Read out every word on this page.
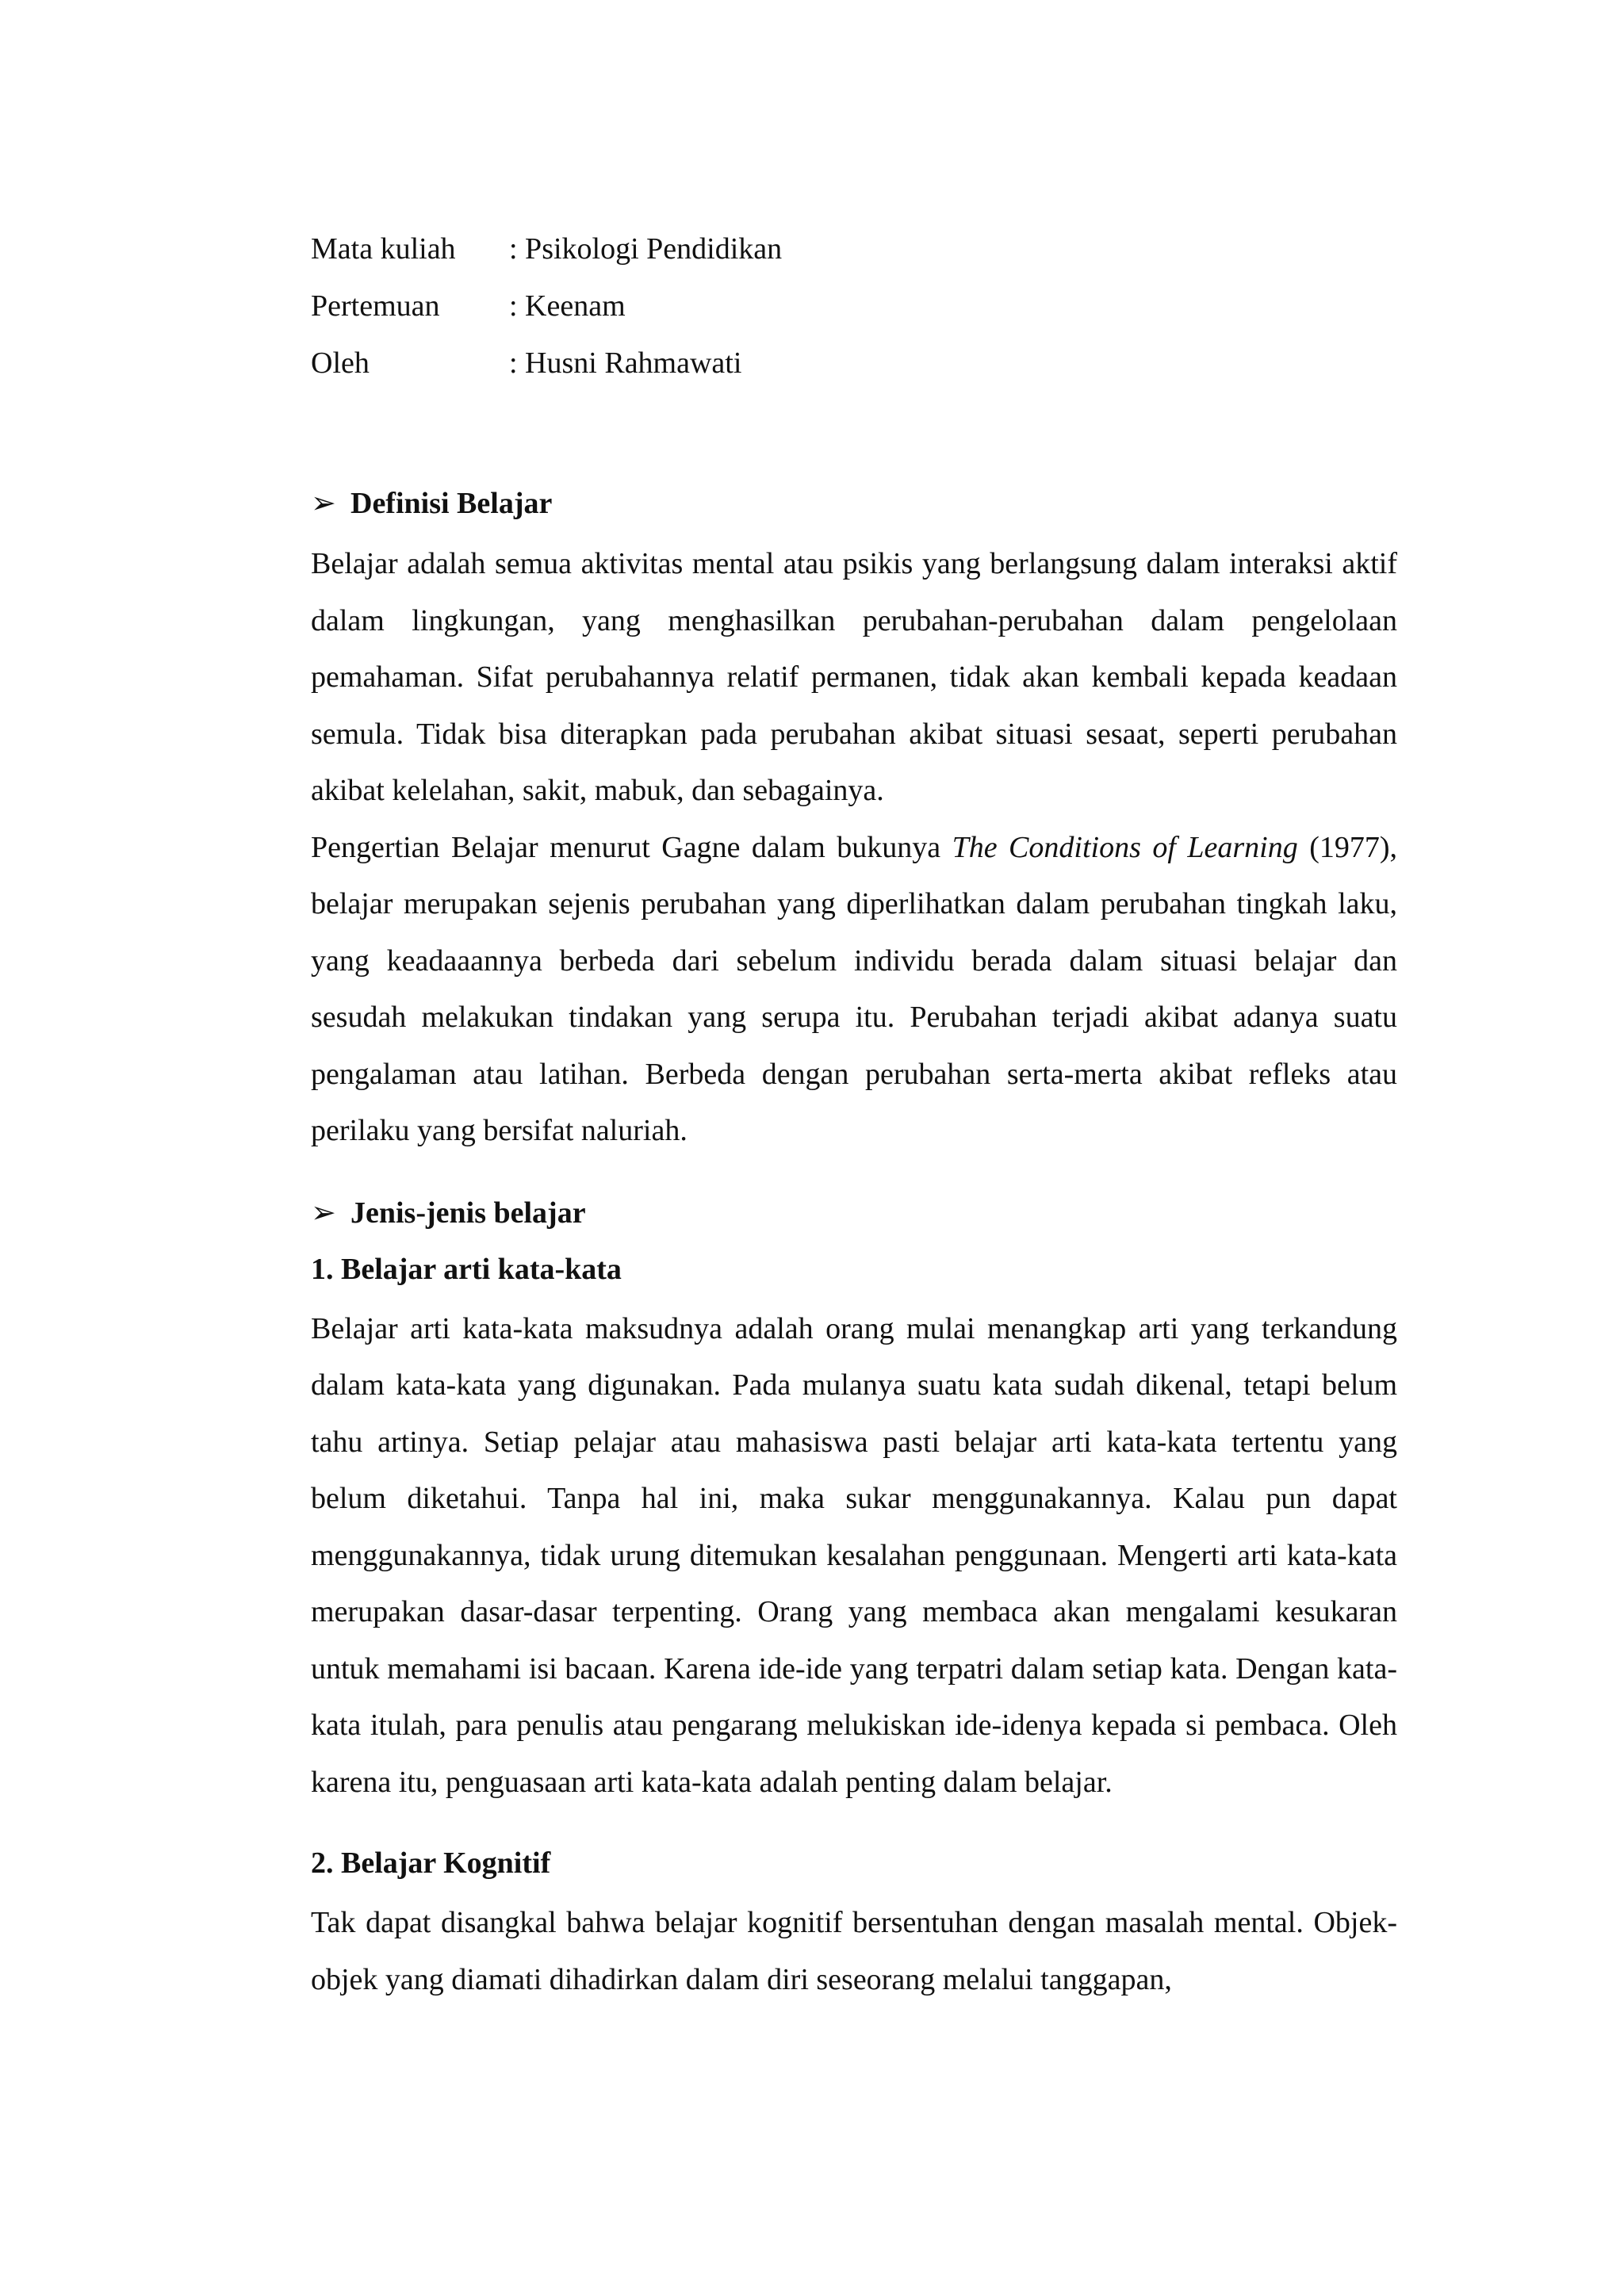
Mata kuliah	: Psikologi Pendidikan
Pertemuan	: Keenam
Oleh	: Husni Rahmawati
➢ Definisi Belajar

Belajar adalah semua aktivitas mental atau psikis yang berlangsung dalam interaksi aktif dalam lingkungan, yang menghasilkan perubahan-perubahan dalam pengelolaan pemahaman. Sifat perubahannya relatif permanen, tidak akan kembali kepada keadaan semula. Tidak bisa diterapkan pada perubahan akibat situasi sesaat, seperti perubahan akibat kelelahan, sakit, mabuk, dan sebagainya.

Pengertian Belajar menurut Gagne dalam bukunya The Conditions of Learning (1977), belajar merupakan sejenis perubahan yang diperlihatkan dalam perubahan tingkah laku, yang keadaaannya berbeda dari sebelum individu berada dalam situasi belajar dan sesudah melakukan tindakan yang serupa itu. Perubahan terjadi akibat adanya suatu pengalaman atau latihan. Berbeda dengan perubahan serta-merta akibat refleks atau perilaku yang bersifat naluriah.

➢ Jenis-jenis belajar
1. Belajar arti kata-kata

Belajar arti kata-kata maksudnya adalah orang mulai menangkap arti yang terkandung dalam kata-kata yang digunakan. Pada mulanya suatu kata sudah dikenal, tetapi belum tahu artinya. Setiap pelajar atau mahasiswa pasti belajar arti kata-kata tertentu yang belum diketahui. Tanpa hal ini, maka sukar menggunakannya. Kalau pun dapat menggunakannya, tidak urung ditemukan kesalahan penggunaan. Mengerti arti kata-kata merupakan dasar-dasar terpenting. Orang yang membaca akan mengalami kesukaran untuk memahami isi bacaan. Karena ide-ide yang terpatri dalam setiap kata. Dengan kata-kata itulah, para penulis atau pengarang melukiskan ide-idenya kepada si pembaca. Oleh karena itu, penguasaan arti kata-kata adalah penting dalam belajar.

2. Belajar Kognitif

Tak dapat disangkal bahwa belajar kognitif bersentuhan dengan masalah mental. Objek-objek yang diamati dihadirkan dalam diri seseorang melalui tanggapan,
